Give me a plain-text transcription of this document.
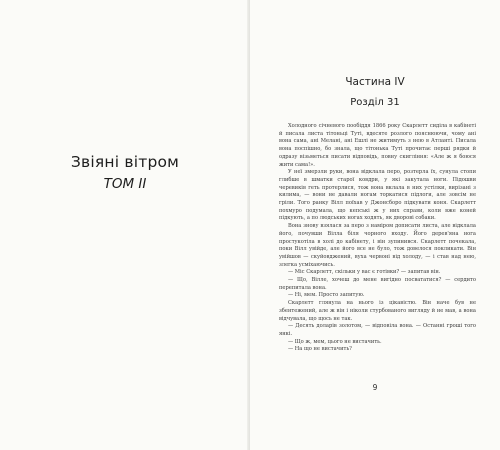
Звіяні вітром
ТОМ II
Частина IV
Розділ 31

Холодного січневого пообіддя 1866 року Скарлетт сиділа в кабінеті й писала листа тітоньці Туті, вдесяте розлого пояснюючи, чому ані вона сама, ані Мелані, ані Ешлі не житимуть з нею в Атланті. Писала вона поспішно, бо знала, що тітонька Туті прочитає перші рядки й одразу візьметься писати відповідь, повну скигління: «Але ж я боюся жити сама!».

У неї змерзли руки, вона відклала перо, розтерла їх, сунула стопи глибше в шматки старої ковдри, у які закутала ноги. Підошви черевиків геть протерлися, тож вона вклала в них устілки, вирізані з килима, — вони не давали ногам торкатися підлоги, але зовсім не гріли. Того ранку Вілл поїхав у Джонсборо підкувати коня. Скарлетт похмуро подумала, що кепські ж у них справи, коли вже коней підкують, а по людських ногах ходять, як дворові собаки.

Вона знову взялася за перо з наміром дописати листа, але відклала його, почувши Вілла біля чорного входу. Його дерев'яна нога простукотіла в холі до кабінету, і він зупинився. Скарлетт почекала, поки Вілл увійде, але його все не було, тож довелося покликати. Він увійшов — скуйовджений, вуха червоні від холоду, — і став над нею, злегка усміхаючись.

— Міс Скарлетт, скільки у вас є готівки? — запитав він.

— Що, Вілле, хочеш до мене вигідно посвататися? — сердито перепитала вона.

— Ні, мем. Просто запитую.

Скарлетт глянула на нього із цікавістю. Він наче був не збентежений, але ж він і ніколи стурбованого вигляду й не мав, а вона відчувала, що щось не так.

— Десять доларів золотом, — відповіла вона. — Останні гроші того янкі.

— Що ж, мем, цього не вистачить.

— На що не вистачить?

9
